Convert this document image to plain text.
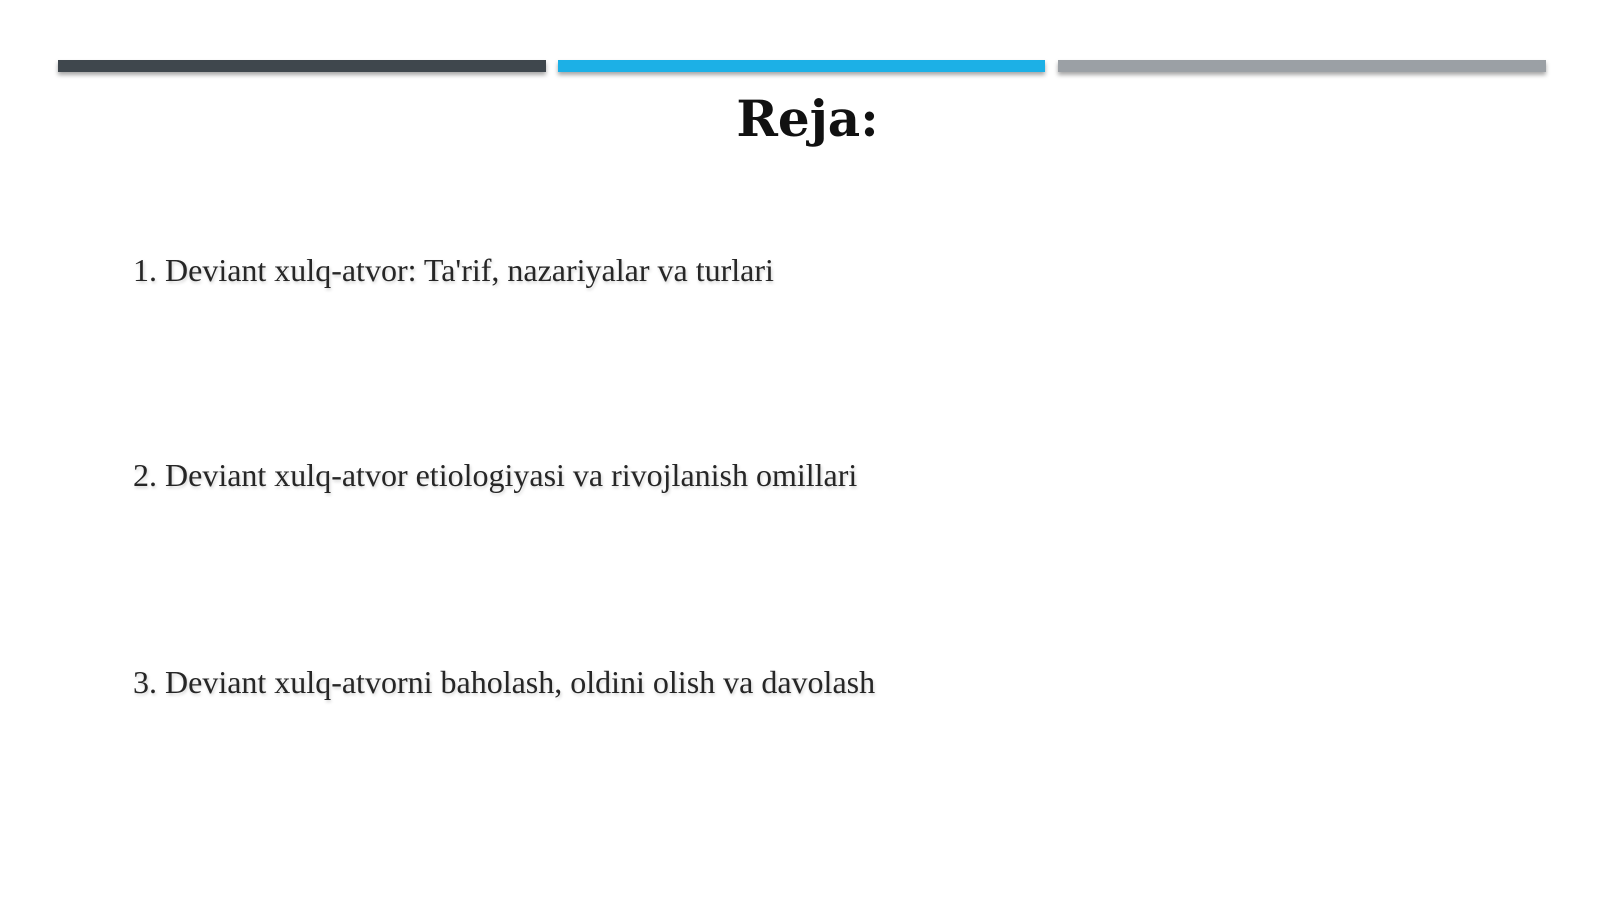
Reja:
1. Deviant xulq-atvor: Ta'rif, nazariyalar va turlari
2. Deviant xulq-atvor etiologiyasi va rivojlanish omillari
3. Deviant xulq-atvorni baholash, oldini olish va davolash
